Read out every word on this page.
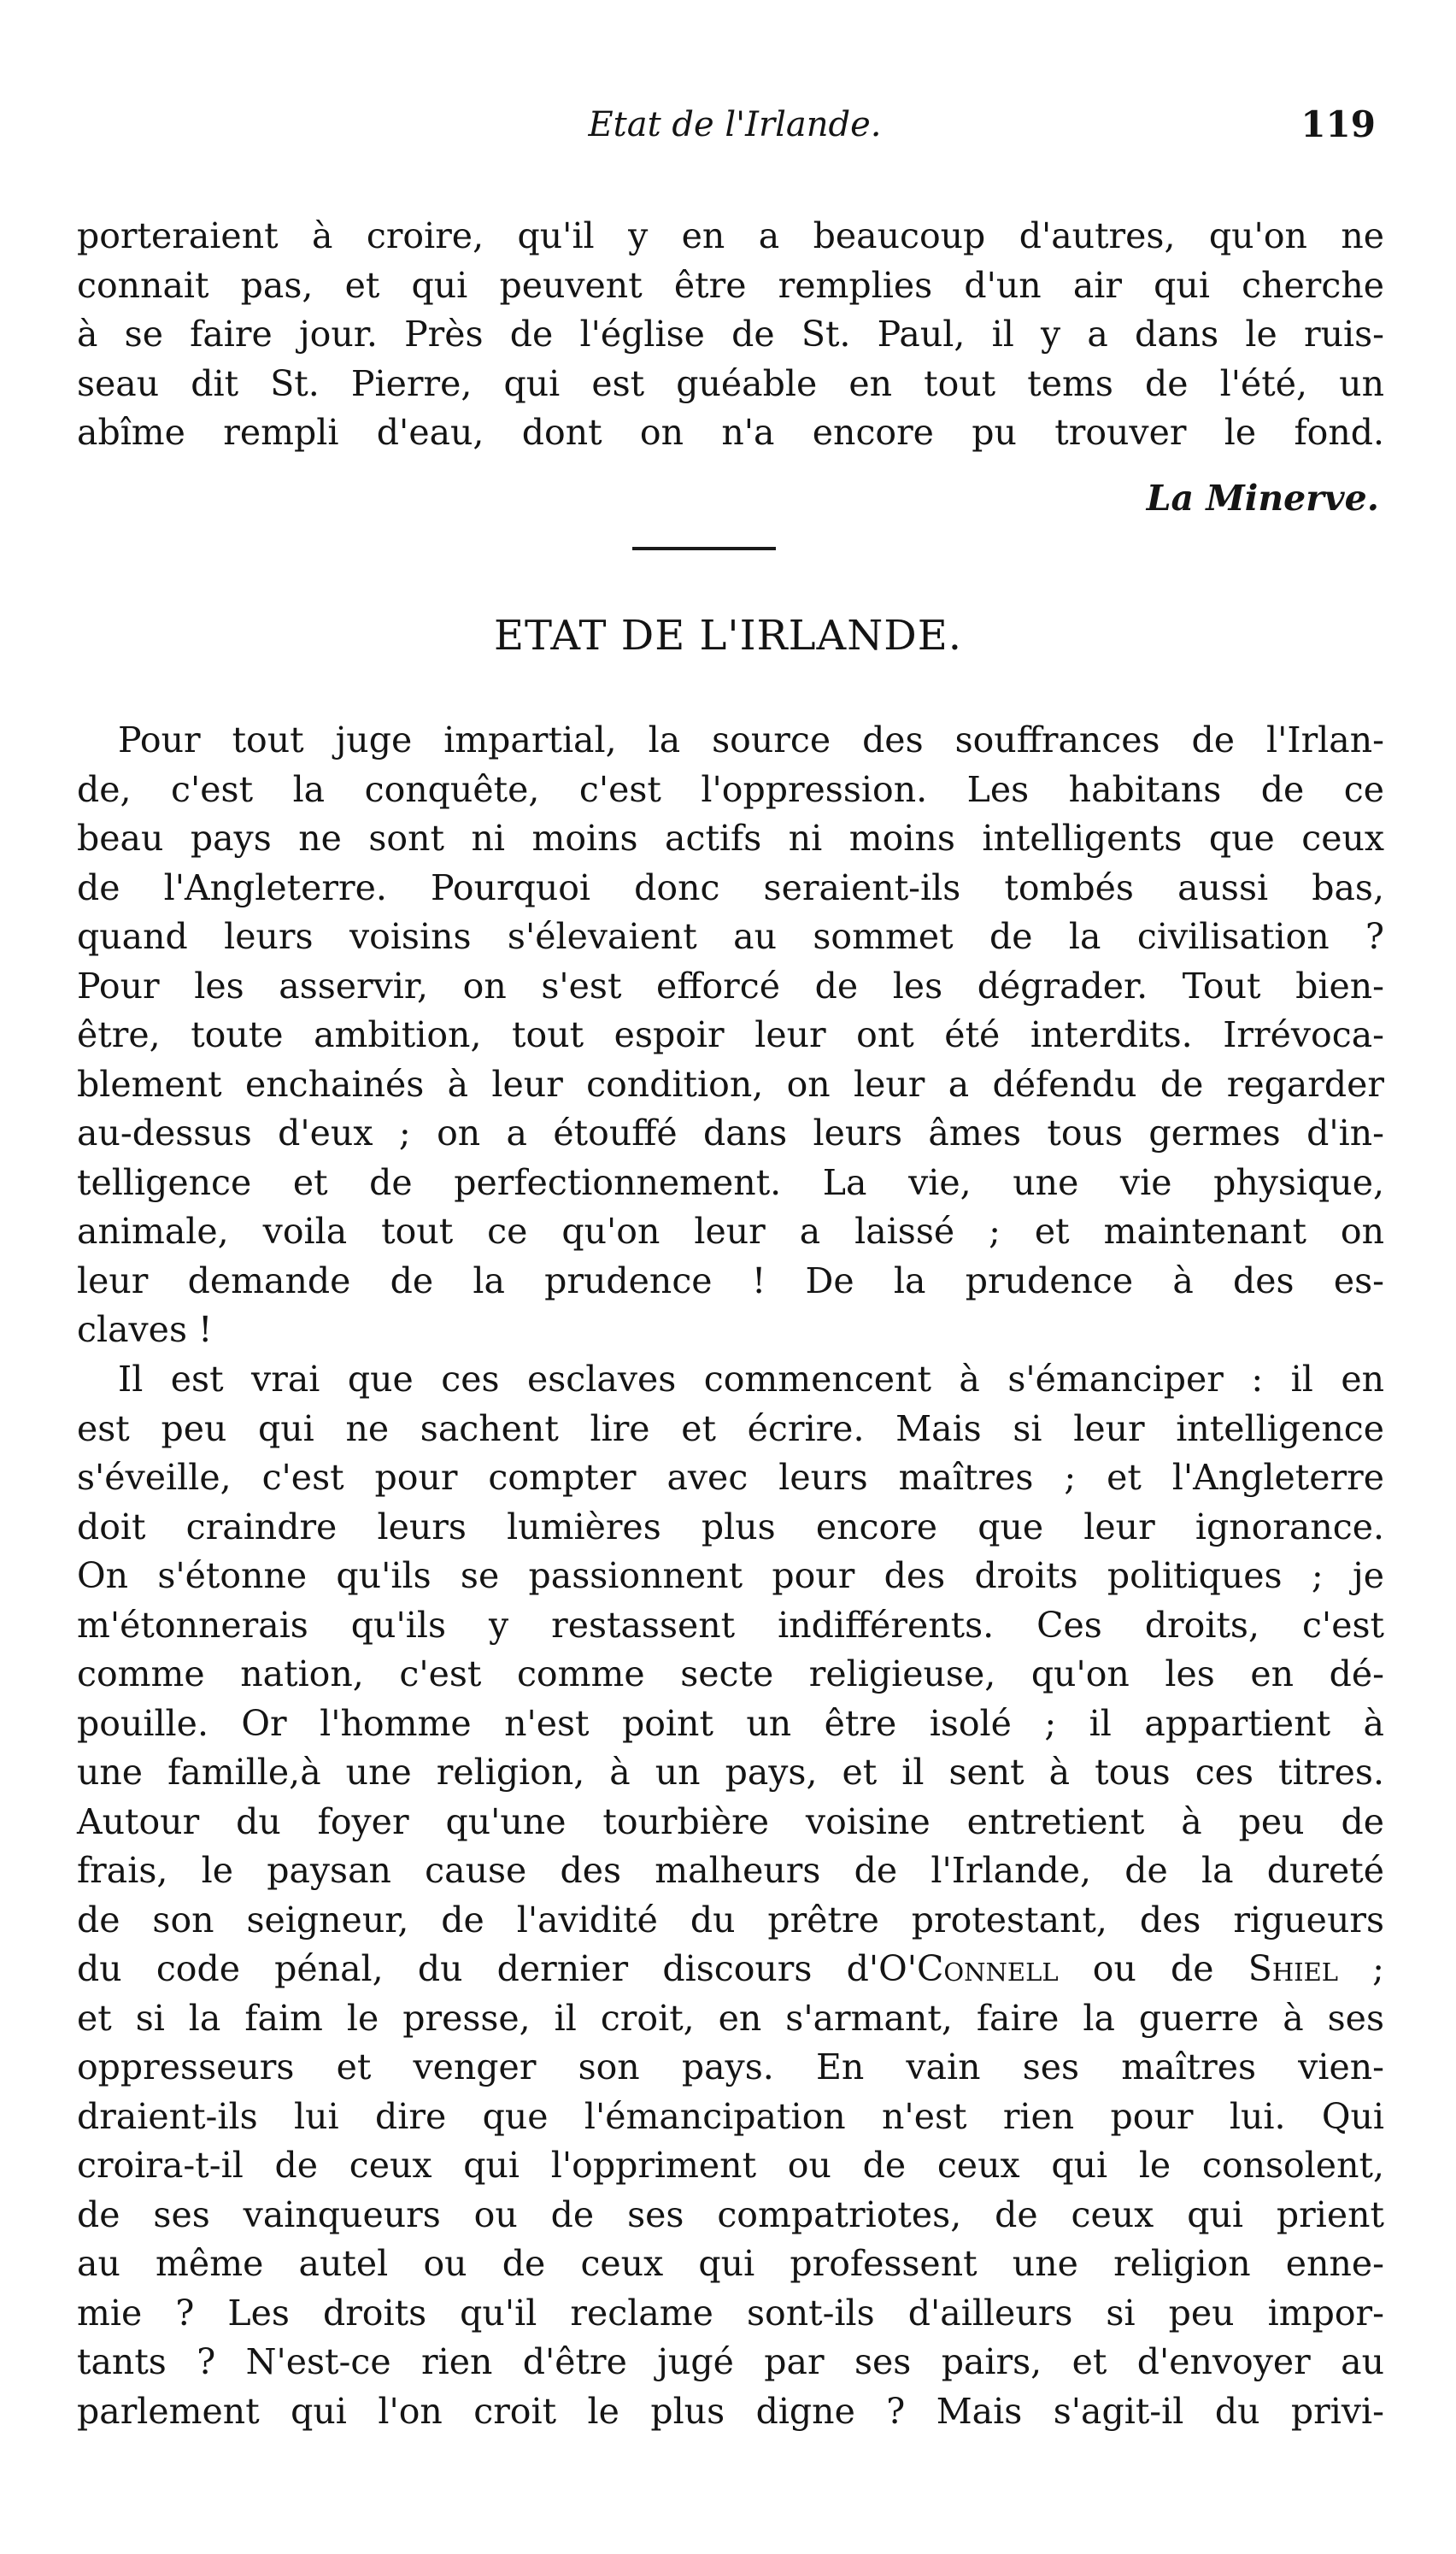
Etat de l'Irlande.	119
porteraient à croire, qu'il y en a beaucoup d'autres, qu'on ne
connait pas, et qui peuvent être remplies d'un air qui cherche
à se faire jour. Près de l'église de St. Paul, il y a dans le ruis-
seau dit St. Pierre, qui est guéable en tout tems de l'été, un
abîme rempli d'eau, dont on n'a encore pu trouver le fond.
La Minerve.
ETAT DE L'IRLANDE.
Pour tout juge impartial, la source des souffrances de l'Irlan-
de, c'est la conquête, c'est l'oppression. Les habitans de ce
beau pays ne sont ni moins actifs ni moins intelligents que ceux
de l'Angleterre. Pourquoi donc seraient-ils tombés aussi bas,
quand leurs voisins s'élevaient au sommet de la civilisation ?
Pour les asservir, on s'est efforcé de les dégrader. Tout bien-
être, toute ambition, tout espoir leur ont été interdits. Irrévoca-
blement enchainés à leur condition, on leur a défendu de regarder
au-dessus d'eux ; on a étouffé dans leurs âmes tous germes d'in-
telligence et de perfectionnement. La vie, une vie physique,
animale, voila tout ce qu'on leur a laissé ; et maintenant on
leur demande de la prudence ! De la prudence à des es-
claves !
Il est vrai que ces esclaves commencent à s'émanciper : il en
est peu qui ne sachent lire et écrire. Mais si leur intelligence
s'éveille, c'est pour compter avec leurs maîtres ; et l'Angleterre
doit craindre leurs lumières plus encore que leur ignorance.
On s'étonne qu'ils se passionnent pour des droits politiques ; je
m'étonnerais qu'ils y restassent indifférents. Ces droits, c'est
comme nation, c'est comme secte religieuse, qu'on les en dé-
pouille. Or l'homme n'est point un être isolé ; il appartient à
une famille,à une religion, à un pays, et il sent à tous ces titres.
Autour du foyer qu'une tourbière voisine entretient à peu de
frais, le paysan cause des malheurs de l'Irlande, de la dureté
de son seigneur, de l'avidité du prêtre protestant, des rigueurs
du code pénal, du dernier discours d'O'Connell ou de Shiel ;
et si la faim le presse, il croit, en s'armant, faire la guerre à ses
oppresseurs et venger son pays. En vain ses maîtres vien-
draient-ils lui dire que l'émancipation n'est rien pour lui. Qui
croira-t-il de ceux qui l'oppriment ou de ceux qui le consolent,
de ses vainqueurs ou de ses compatriotes, de ceux qui prient
au même autel ou de ceux qui professent une religion enne-
mie ? Les droits qu'il reclame sont-ils d'ailleurs si peu impor-
tants ? N'est-ce rien d'être jugé par ses pairs, et d'envoyer au
parlement qui l'on croit le plus digne ? Mais s'agit-il du privi-
